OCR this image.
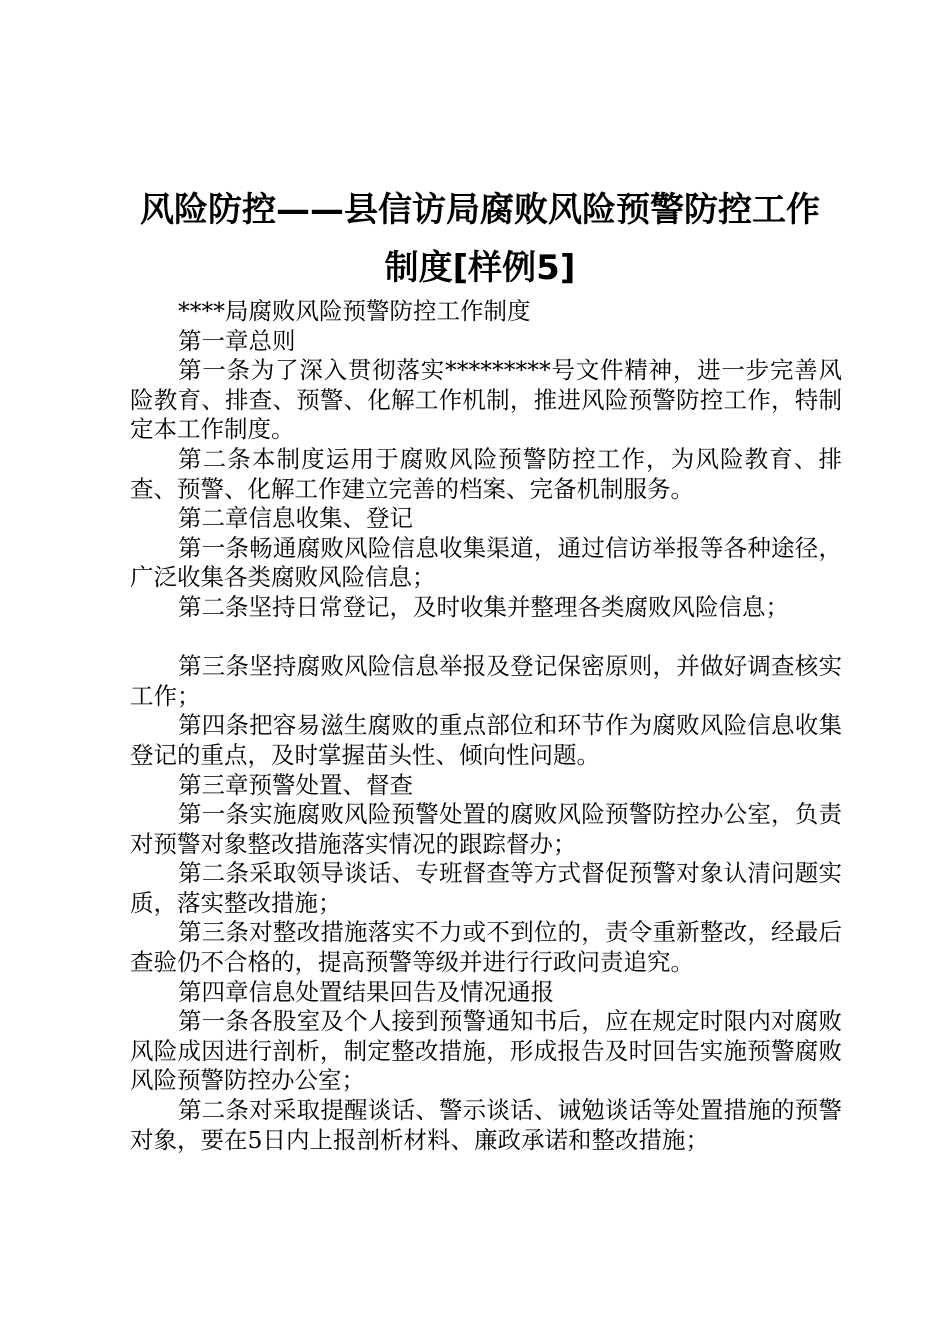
风险防控——县信访局腐败风险预警防控工作
制度[样例5]

****局腐败风险预警防控工作制度

第一章总则

第一条为了深入贯彻落实*********号文件精神，进一步完善风险教育、排查、预警、化解工作机制，推进风险预警防控工作，特制定本工作制度。

第二条本制度运用于腐败风险预警防控工作，为风险教育、排查、预警、化解工作建立完善的档案、完备机制服务。

第二章信息收集、登记

第一条畅通腐败风险信息收集渠道，通过信访举报等各种途径，广泛收集各类腐败风险信息；

第二条坚持日常登记，及时收集并整理各类腐败风险信息；

第三条坚持腐败风险信息举报及登记保密原则，并做好调查核实工作；

第四条把容易滋生腐败的重点部位和环节作为腐败风险信息收集登记的重点，及时掌握苗头性、倾向性问题。

第三章预警处置、督查

第一条实施腐败风险预警处置的腐败风险预警防控办公室，负责对预警对象整改措施落实情况的跟踪督办；

第二条采取领导谈话、专班督查等方式督促预警对象认清问题实质，落实整改措施；

第三条对整改措施落实不力或不到位的，责令重新整改，经最后查验仍不合格的，提高预警等级并进行行政问责追究。

第四章信息处置结果回告及情况通报

第一条各股室及个人接到预警通知书后，应在规定时限内对腐败风险成因进行剖析，制定整改措施，形成报告及时回告实施预警腐败风险预警防控办公室；

第二条对采取提醒谈话、警示谈话、诫勉谈话等处置措施的预警对象，要在5日内上报剖析材料、廉政承诺和整改措施；
